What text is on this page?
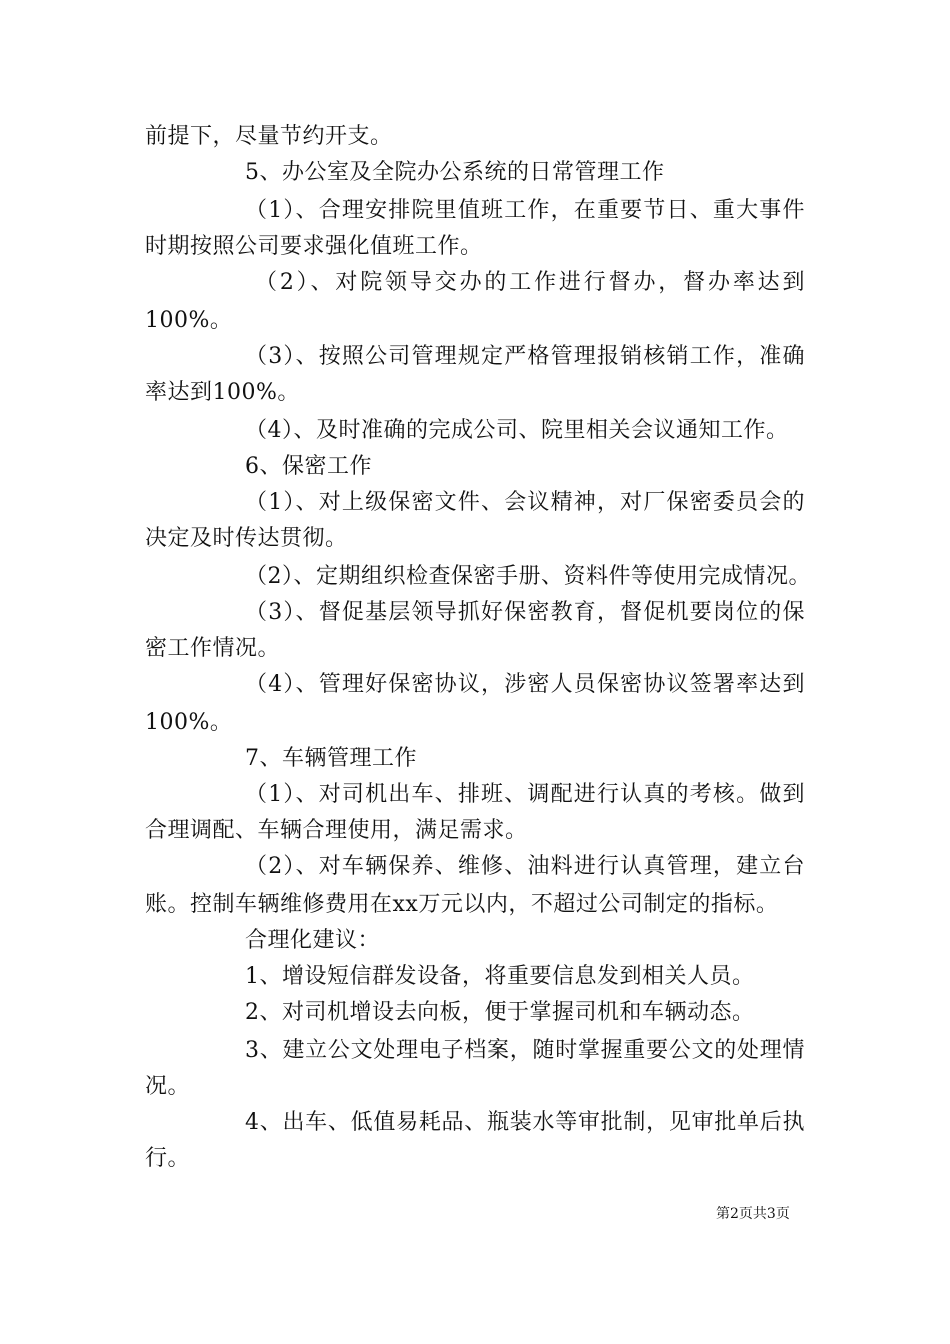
前提下，尽量节约开支。
5、办公室及全院办公系统的日常管理工作
（1）、合理安排院里值班工作，在重要节日、重大事件
时期按照公司要求强化值班工作。
（2）、对院领导交办的工作进行督办，督办率达到
100%。
（3）、按照公司管理规定严格管理报销核销工作，准确
率达到100%。
（4）、及时准确的完成公司、院里相关会议通知工作。
6、保密工作
（1）、对上级保密文件、会议精神，对厂保密委员会的
决定及时传达贯彻。
（2）、定期组织检查保密手册、资料件等使用完成情况。
（3）、督促基层领导抓好保密教育，督促机要岗位的保
密工作情况。
（4）、管理好保密协议，涉密人员保密协议签署率达到
100%。
7、车辆管理工作
（1）、对司机出车、排班、调配进行认真的考核。做到
合理调配、车辆合理使用，满足需求。
（2）、对车辆保养、维修、油料进行认真管理，建立台
账。控制车辆维修费用在xx万元以内，不超过公司制定的指标。
合理化建议：
1、增设短信群发设备，将重要信息发到相关人员。
2、对司机增设去向板，便于掌握司机和车辆动态。
3、建立公文处理电子档案，随时掌握重要公文的处理情
况。
4、出车、低值易耗品、瓶装水等审批制，见审批单后执
行。
第2页共3页
